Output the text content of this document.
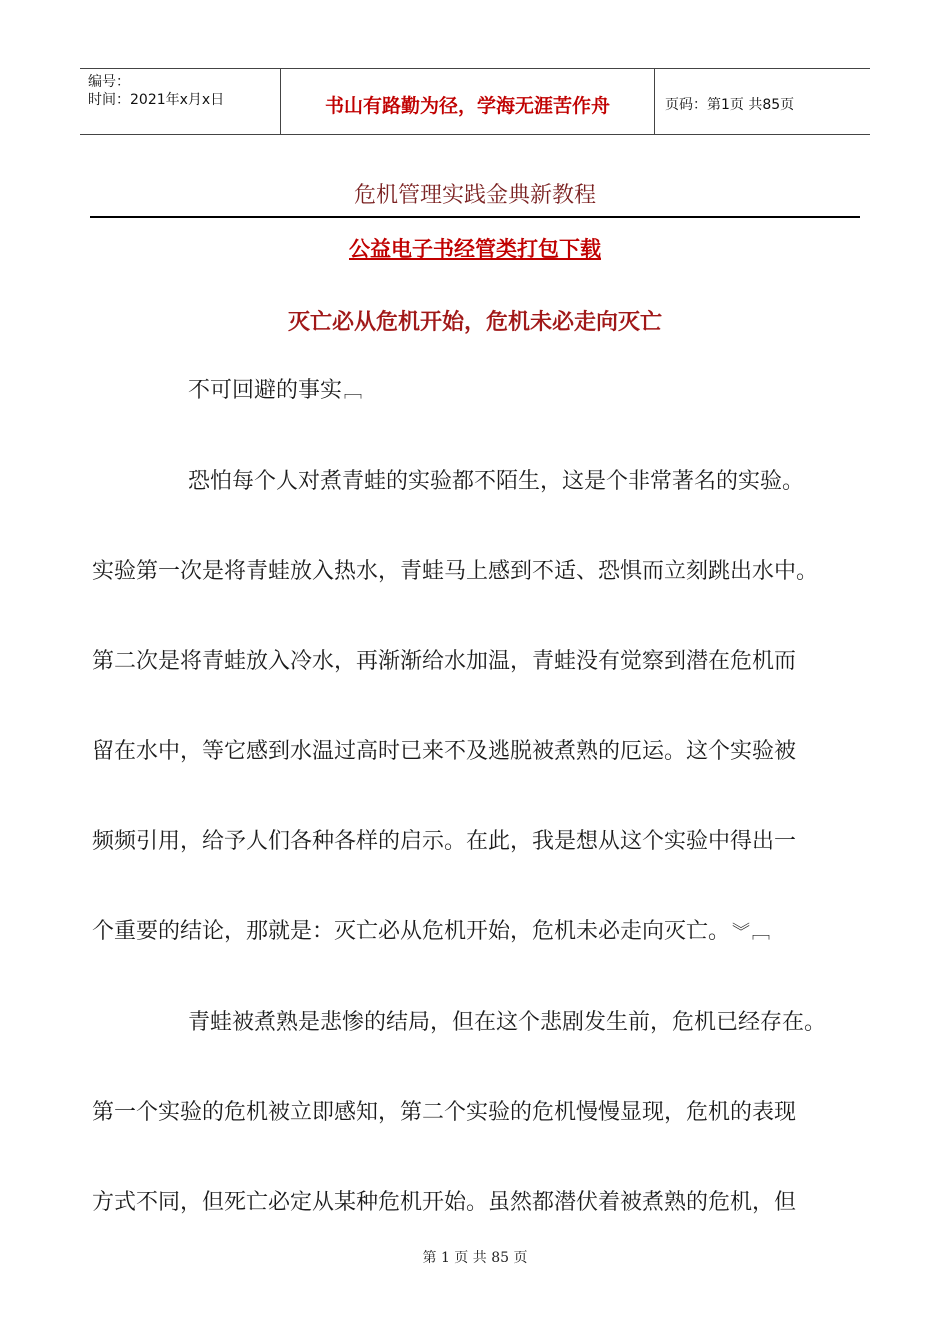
编号：
时间：2021年x月x日	书山有路勤为径，学海无涯苦作舟	页码：第1页 共85页
危机管理实践金典新教程
公益电子书经管类打包下载
灭亡必从危机开始，危机未必走向灭亡
不可回避的事实 ﹇
恐怕每个人对煮青蛙的实验都不陌生，这是个非常著名的实验。
实验第一次是将青蛙放入热水，青蛙马上感到不适、恐惧而立刻跳出水中。
第二次是将青蛙放入冷水，再渐渐给水加温，青蛙没有觉察到潜在危机而
留在水中，等它感到水温过高时已来不及逃脱被煮熟的厄运。这个实验被
频频引用，给予人们各种各样的启示。在此，我是想从这个实验中得出一
个重要的结论，那就是：灭亡必从危机开始，危机未必走向灭亡。 ︾ ﹇
青蛙被煮熟是悲惨的结局，但在这个悲剧发生前，危机已经存在。
第一个实验的危机被立即感知，第二个实验的危机慢慢显现，危机的表现
方式不同，但死亡必定从某种危机开始。虽然都潜伏着被煮熟的危机，但
第 1 页 共 85 页
